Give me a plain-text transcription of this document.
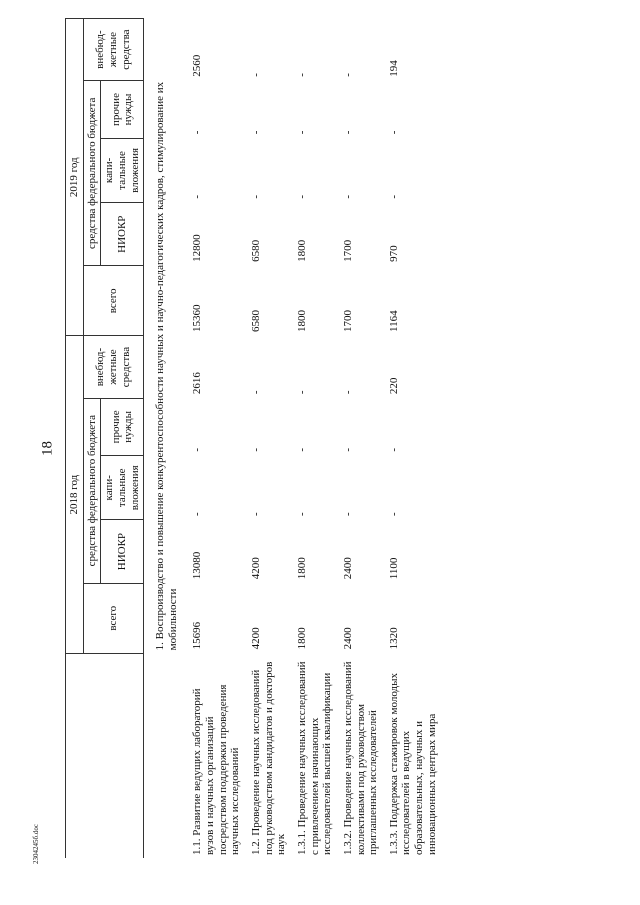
18
	2018 год					2019 год				
	всего	средства федерального бюджета			внебюд-жетные средства	всего	средства федерального бюджета			внебюд-жетные средства
		НИОКР	капи-тальные вложения	прочие нужды			НИОКР	капи-тальные вложения	прочие нужды	
	1. Воспроизводство и повышение конкурентоспособности научных и научно-педагогических кадров, стимулирование их мобильности									
1.1. Развитие ведущих лабораторий вузов и научных организаций посредством поддержки проведения научных исследований	15696	13080	-	-	2616	15360	12800	-	-	2560
1.2. Проведение научных исследований под руководством кандидатов и докторов наук	4200	4200	-	-	-	6580	6580	-	-	-
1.3.1. Проведение научных исследований с привлечением начинающих исследователей высшей квалификации	1800	1800	-	-	-	1800	1800	-	-	-
1.3.2. Проведение научных исследований коллективами под руководством приглашенных исследователей	2400	2400	-	-	-	1700	1700	-	-	-
1.3.3. Поддержка стажировок молодых исследователей в ведущих образовательных, научных и инновационных центрах мира	1320	1100	-	-	220	1164	970	-	-	194
2304245б.doc
